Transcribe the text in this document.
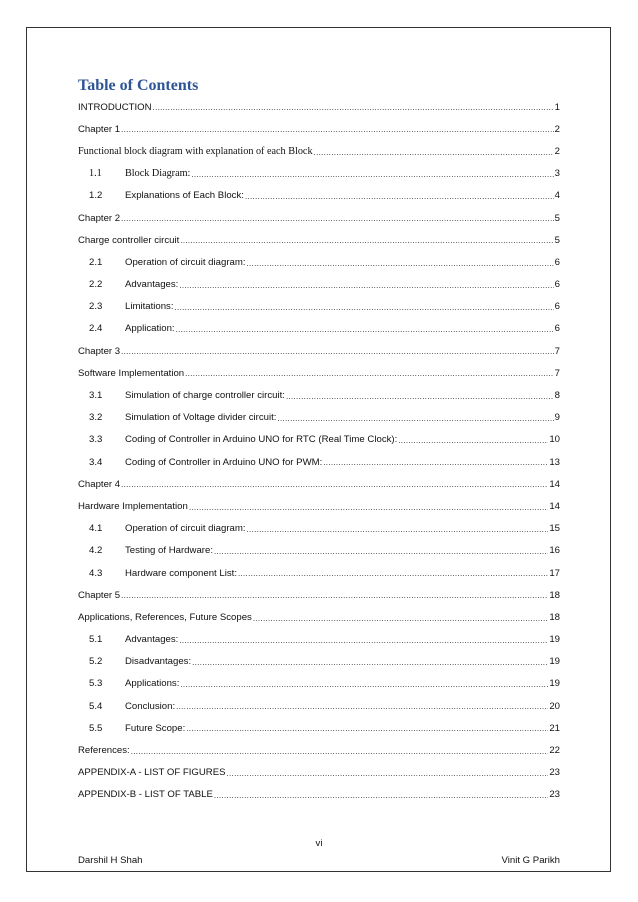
Table of Contents
INTRODUCTION .....	1
Chapter 1 .....	2
Functional block diagram with explanation of each Block .....	2
1.1	Block Diagram: .....	3
1.2	Explanations of Each Block: .....	4
Chapter 2 .....	5
Charge controller circuit .....	5
2.1	Operation of circuit diagram: .....	6
2.2	Advantages: .....	6
2.3	Limitations: .....	6
2.4	Application: .....	6
Chapter 3 .....	7
Software Implementation .....	7
3.1	Simulation of charge controller circuit: .....	8
3.2	Simulation of Voltage divider circuit: .....	9
3.3	Coding of Controller in Arduino UNO for RTC (Real Time Clock): .....	10
3.4	Coding of Controller in Arduino UNO for PWM: .....	13
Chapter 4 .....	14
Hardware Implementation .....	14
4.1	Operation of circuit diagram: .....	15
4.2	Testing of Hardware: .....	16
4.3	Hardware component List: .....	17
Chapter 5 .....	18
Applications, References, Future Scopes .....	18
5.1	Advantages: .....	19
5.2	Disadvantages: .....	19
5.3	Applications: .....	19
5.4	Conclusion: .....	20
5.5	Future Scope: .....	21
References: .....	22
APPENDIX-A - LIST OF FIGURES .....	23
APPENDIX-B - LIST OF TABLE .....	23
vi
Darshil H Shah	Vinit G Parikh
